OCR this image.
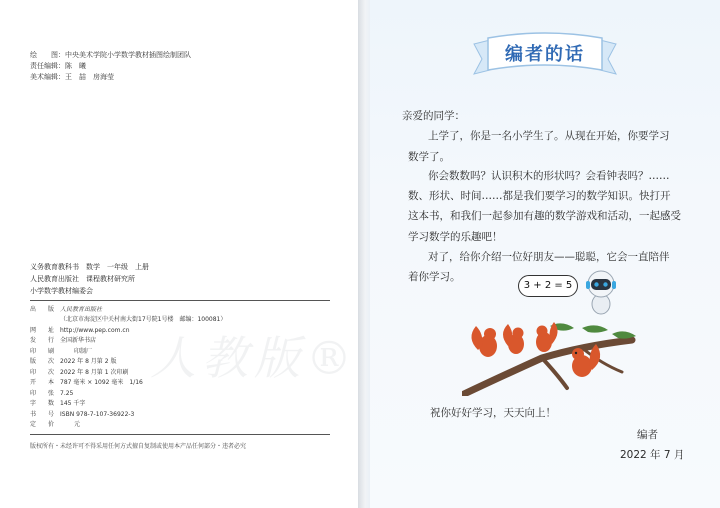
绘　　图：中央美术学院小学数学教材插图绘制团队
责任编辑：陈　曦
美术编辑：王　喆　房海莹
义务教育教科书　数学　一年级　上册
人民教育出版社　课程教材研究所
小学数学教材编委会
人教版®
出　　版 人民教育出版社
（北京市海淀区中关村南大街17号院1号楼　邮编：100081）
网　　址 http://www.pep.com.cn
发　　行 全国新华书店
印　　刷	印制厂
版　　次 2022 年 8 月第 2 版
印　　次 2022 年 8 月第 1 次印刷
开　　本 787 毫米 × 1092 毫米　1/16
印　　张 7.25
字　　数 145 千字
书　　号 ISBN 978-7-107-36922-3
定　　价	元
版权所有・未经许可不得采用任何方式擅自复制或使用本产品任何部分・违者必究
编者的话
亲爱的同学：
上学了，你是一名小学生了。从现在开始，你要学习
数学了。
你会数数吗？认识积木的形状吗？会看钟表吗？……
数、形状、时间……都是我们要学习的数学知识。快打开
这本书，和我们一起参加有趣的数学游戏和活动，一起感受
学习数学的乐趣吧！
对了，给你介绍一位好朋友——聪聪，它会一直陪伴
着你学习。
3 + 2 = 5
祝你好好学习，天天向上！
编者
2022 年 7 月
